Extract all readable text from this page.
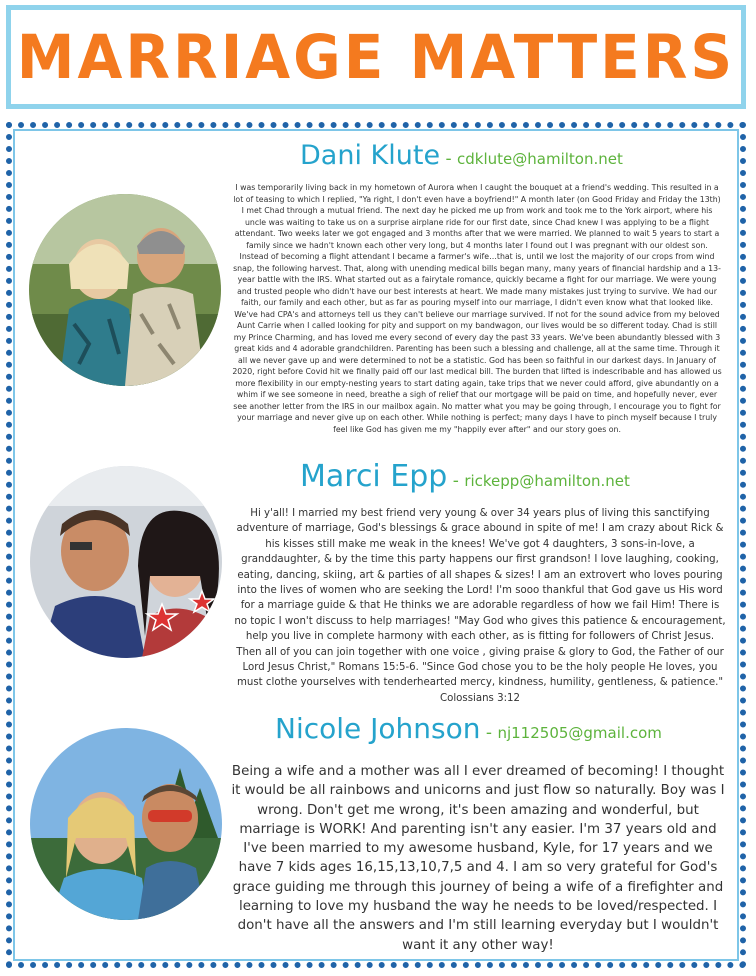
MARRIAGE MATTERS
Dani Klute - cdklute@hamilton.net

I was temporarily living back in my hometown of Aurora when I caught the bouquet at a friend's wedding. This resulted in a lot of teasing to which I replied, "Ya right, I don't even have a boyfriend!" A month later (on Good Friday and Friday the 13th) I met Chad through a mutual friend. The next day he picked me up from work and took me to the York airport, where his uncle was waiting to take us on a surprise airplane ride for our first date, since Chad knew I was applying to be a flight attendant. Two weeks later we got engaged and 3 months after that we were married. We planned to wait 5 years to start a family since we hadn't known each other very long, but 4 months later I found out I was pregnant with our oldest son. Instead of becoming a flight attendant I became a farmer's wife…that is, until we lost the majority of our crops from wind snap, the following harvest. That, along with unending medical bills began many, many years of financial hardship and a 13-year battle with the IRS. What started out as a fairytale romance, quickly became a fight for our marriage. We were young and trusted people who didn't have our best interests at heart. We made many mistakes just trying to survive. We had our faith, our family and each other, but as far as pouring myself into our marriage, I didn't even know what that looked like. We've had CPA's and attorneys tell us they can't believe our marriage survived. If not for the sound advice from my beloved Aunt Carrie when I called looking for pity and support on my bandwagon, our lives would be so different today. Chad is still my Prince Charming, and has loved me every second of every day the past 33 years. We've been abundantly blessed with 3 great kids and 4 adorable grandchildren. Parenting has been such a blessing and challenge, all at the same time. Through it all we never gave up and were determined to not be a statistic. God has been so faithful in our darkest days. In January of 2020, right before Covid hit we finally paid off our last medical bill. The burden that lifted is indescribable and has allowed us more flexibility in our empty-nesting years to start dating again, take trips that we never could afford, give abundantly on a whim if we see someone in need, breathe a sigh of relief that our mortgage will be paid on time, and hopefully never, ever see another letter from the IRS in our mailbox again. No matter what you may be going through, I encourage you to fight for your marriage and never give up on each other. While nothing is perfect; many days I have to pinch myself because I truly feel like God has given me my "happily ever after" and our story goes on.

Marci Epp - rickepp@hamilton.net

Hi y'all! I married my best friend very young & over 34 years plus of living this sanctifying adventure of marriage, God's blessings & grace abound in spite of me! I am crazy about Rick & his kisses still make me weak in the knees! We've got 4 daughters, 3 sons-in-love, a granddaughter, & by the time this party happens our first grandson! I love laughing, cooking, eating, dancing, skiing, art & parties of all shapes & sizes! I am an extrovert who loves pouring into the lives of women who are seeking the Lord! I'm sooo thankful that God gave us His word for a marriage guide & that He thinks we are adorable regardless of how we fail Him! There is no topic I won't discuss to help marriages! "May God who gives this patience & encouragement, help you live in complete harmony with each other, as is fitting for followers of Christ Jesus. Then all of you can join together with one voice , giving praise & glory to God, the Father of our Lord Jesus Christ," Romans 15:5-6. "Since God chose you to be the holy people He loves, you must clothe yourselves with tenderhearted mercy, kindness, humility, gentleness, & patience." Colossians 3:12

Nicole Johnson - nj112505@gmail.com

Being a wife and a mother was all I ever dreamed of becoming! I thought it would be all rainbows and unicorns and just flow so naturally. Boy was I wrong. Don't get me wrong, it's been amazing and wonderful, but marriage is WORK! And parenting isn't any easier. I'm 37 years old and I've been married to my awesome husband, Kyle, for 17 years and we have 7 kids ages 16,15,13,10,7,5 and 4. I am so very grateful for God's grace guiding me through this journey of being a wife of a firefighter and learning to love my husband the way he needs to be loved/respected. I don't have all the answers and I'm still learning everyday but I wouldn't want it any other way!
